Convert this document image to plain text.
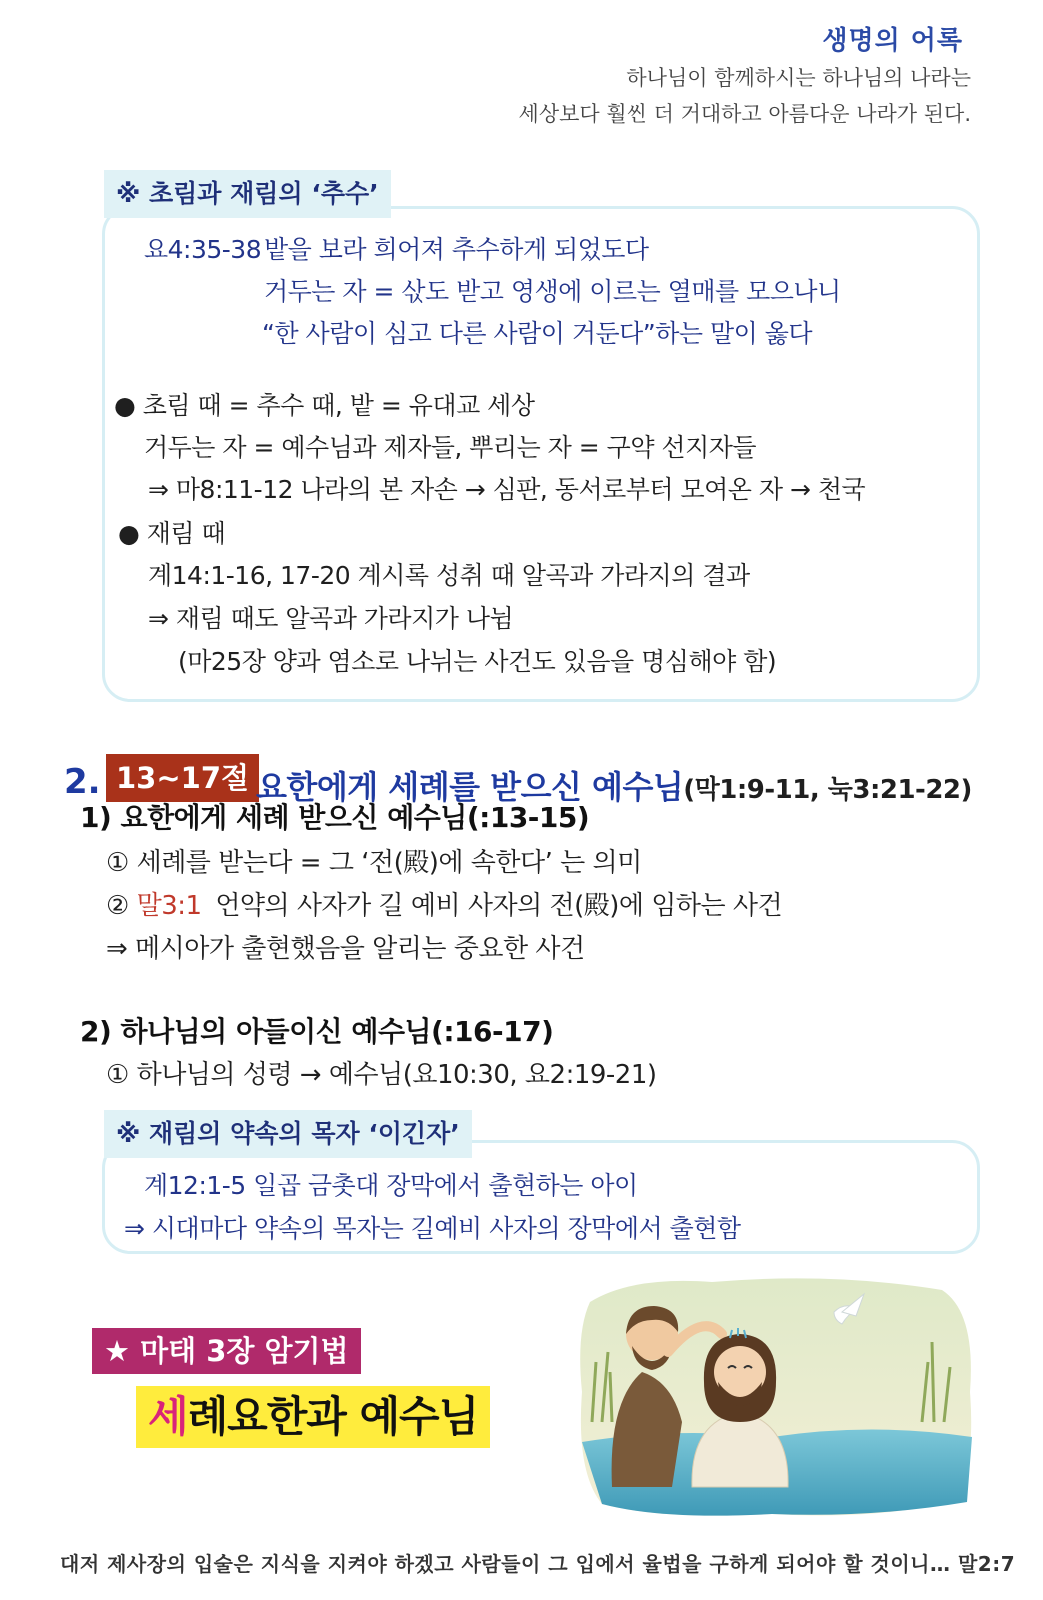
생명의 어록
하나님이 함께하시는 하나님의 나라는
세상보다 훨씬 더 거대하고 아름다운 나라가 된다.
※ 초림과 재림의 ‘추수’
요4:35-38 밭을 보라 희어져 추수하게 되었도다
거두는 자 = 삯도 받고 영생에 이르는 열매를 모으나니
“한 사람이 심고 다른 사람이 거둔다”하는 말이 옳다
● 초림 때 = 추수 때, 밭 = 유대교 세상
거두는 자 = 예수님과 제자들, 뿌리는 자 = 구약 선지자들
⇒ 마8:11-12 나라의 본 자손 → 심판, 동서로부터 모여온 자 → 천국
● 재림 때
계14:1-16, 17-20 계시록 성취 때 알곡과 가라지의 결과
⇒ 재림 때도 알곡과 가라지가 나뉨
(마25장 양과 염소로 나뉘는 사건도 있음을 명심해야 함)
2. 13~17절 요한에게 세례를 받으신 예수님(막1:9-11, 눅3:21-22)
1) 요한에게 세례 받으신 예수님(:13-15)
① 세례를 받는다 = 그 ‘전(殿)에 속한다’ 는 의미
② 말3:1 언약의 사자가 길 예비 사자의 전(殿)에 임하는 사건
⇒ 메시아가 출현했음을 알리는 중요한 사건
2) 하나님의 아들이신 예수님(:16-17)
① 하나님의 성령 → 예수님(요10:30, 요2:19-21)
※ 재림의 약속의 목자 ‘이긴자’
계12:1-5 일곱 금촛대 장막에서 출현하는 아이
⇒ 시대마다 약속의 목자는 길예비 사자의 장막에서 출현함
★ 마태 3장 암기법
세례요한과 예수님
대저 제사장의 입술은 지식을 지켜야 하겠고 사람들이 그 입에서 율법을 구하게 되어야 할 것이니… 말2:7
